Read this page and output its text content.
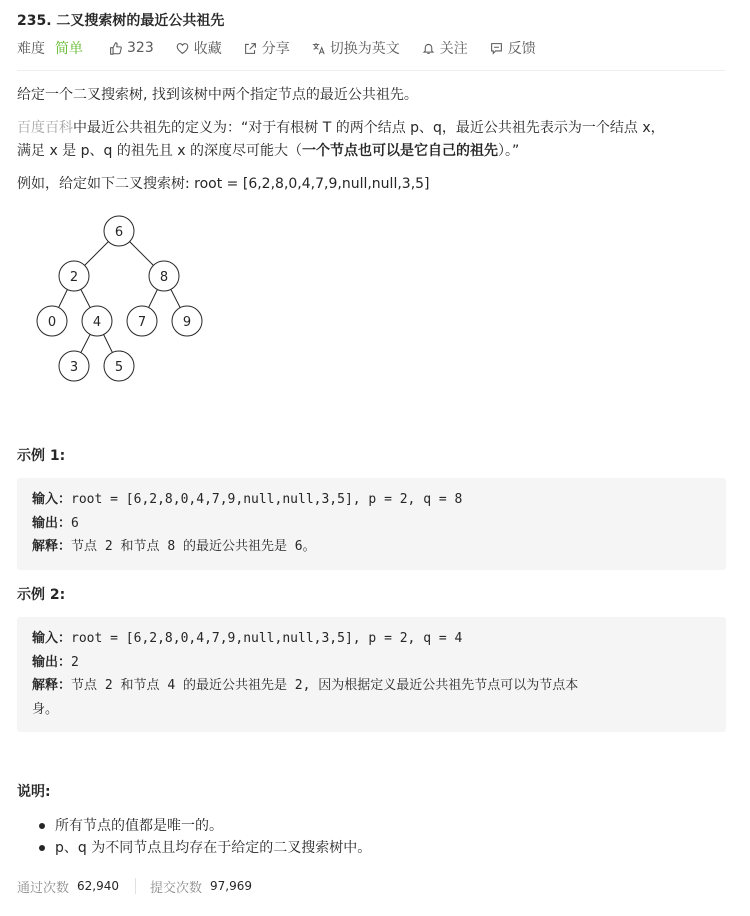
235. 二叉搜索树的最近公共祖先
难度 简单	323	收藏	分享	切换为英文	关注	反馈
给定一个二叉搜索树, 找到该树中两个指定节点的最近公共祖先。
百度百科中最近公共祖先的定义为：“对于有根树 T 的两个结点 p、q，最近公共祖先表示为一个结点 x，
满足 x 是 p、q 的祖先且 x 的深度尽可能大（一个节点也可以是它自己的祖先）。”
例如，给定如下二叉搜索树: root = [6,2,8,0,4,7,9,null,null,3,5]
6
2	8
0	4	7	9
3	5
示例 1:
输入：root = [6,2,8,0,4,7,9,null,null,3,5], p = 2, q = 8
输出：6
解释：节点 2 和节点 8 的最近公共祖先是 6。
示例 2:
输入：root = [6,2,8,0,4,7,9,null,null,3,5], p = 2, q = 4
输出：2
解释：节点 2 和节点 4 的最近公共祖先是 2, 因为根据定义最近公共祖先节点可以为节点本
身。
说明:
所有节点的值都是唯一的。
p、q 为不同节点且均存在于给定的二叉搜索树中。
通过次数 62,940 提交次数 97,969
